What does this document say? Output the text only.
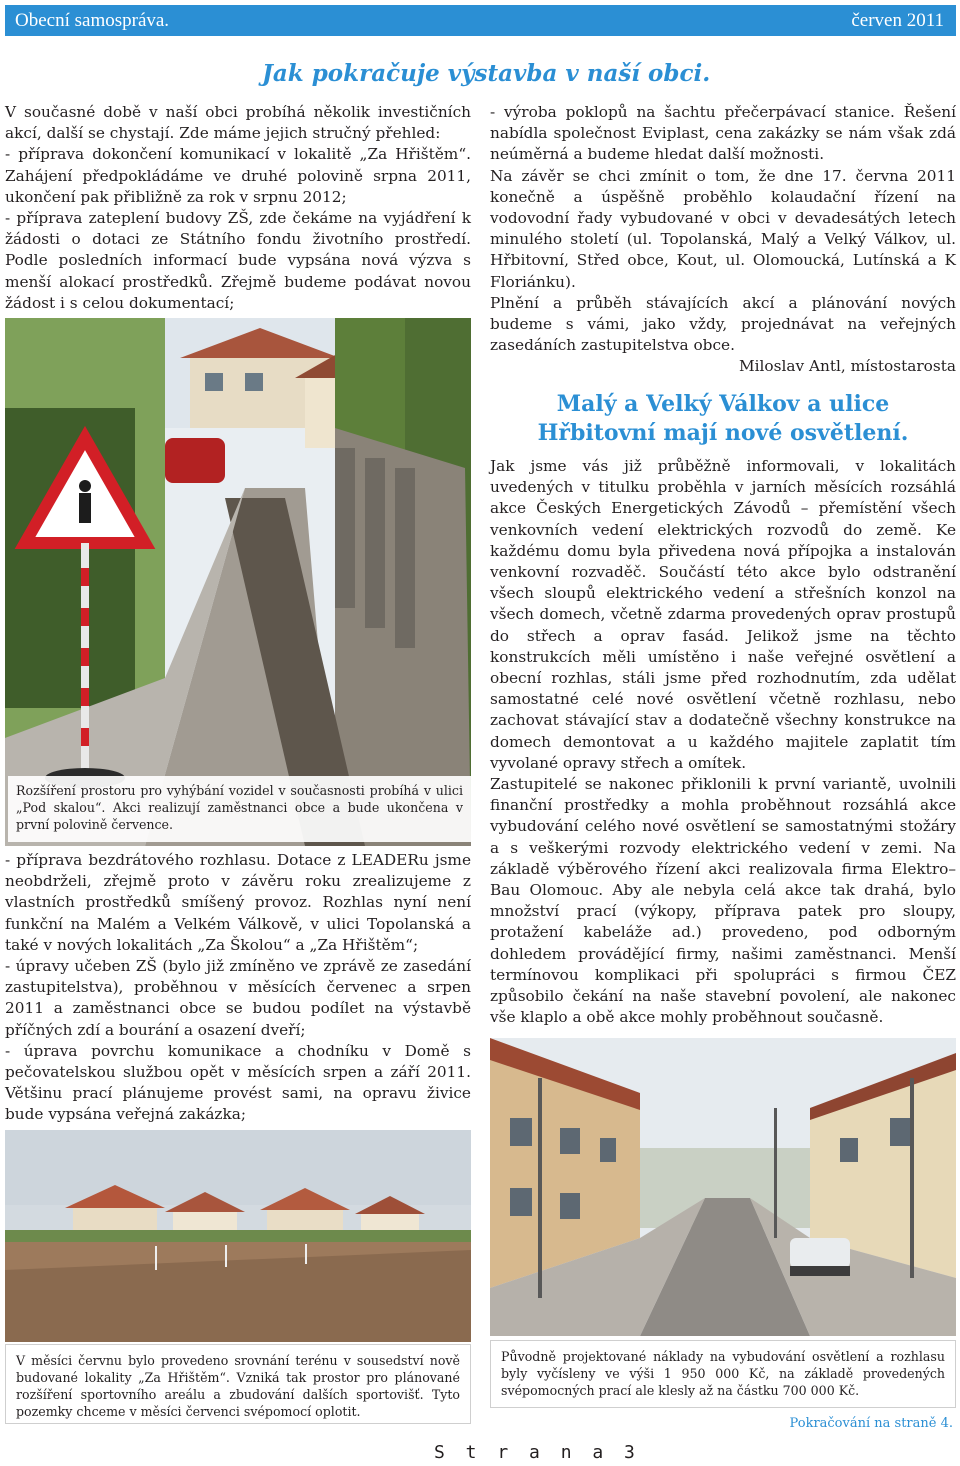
Obecní samospráva.	červen 2011
Jak pokračuje výstavba v naší obci.

V současné době v naší obci probíhá několik investičních akcí, další se chystají. Zde máme jejich stručný přehled:

- příprava dokončení komunikací v lokalitě „Za Hřištěm“. Zahájení předpokládáme ve druhé polovině srpna 2011, ukončení pak přibližně za rok v srpnu 2012;

- příprava zateplení budovy ZŠ, zde čekáme na vyjádření k žádosti o dotaci ze Státního fondu životního prostředí. Podle posledních informací bude vypsána nová výzva s menší alokací prostředků. Zřejmě budeme podávat novou žádost i s celou dokumentací;

Rozšíření prostoru pro vyhýbání vozidel v současnosti probíhá v ulici „Pod skalou“. Akci realizují zaměstnanci obce a bude ukončena v první polovině července.

- příprava bezdrátového rozhlasu. Dotace z LEADERu jsme neobdrželi, zřejmě proto v závěru roku zrealizujeme z vlastních prostředků smíšený provoz. Rozhlas nyní není funkční na Malém a Velkém Válkově, v ulici Topolanská a také v nových lokalitách „Za Školou“ a „Za Hřištěm“;

- úpravy učeben ZŠ (bylo již zmíněno ve zprávě ze zasedání zastupitelstva), proběhnou v měsících červenec a srpen 2011 a zaměstnanci obce se budou podílet na výstavbě příčných zdí a bourání a osazení dveří;

- úprava povrchu komunikace a chodníku v Domě s pečovatelskou službou opět v měsících srpen a září 2011. Většinu prací plánujeme provést sami, na opravu živice bude vypsána veřejná zakázka;

V měsíci červnu bylo provedeno srovnání terénu v sousedství nově budované lokality „Za Hřištěm“. Vzniká tak prostor pro plánované rozšíření sportovního areálu a zbudování dalších sportovišť. Tyto pozemky chceme v měsíci červenci svépomocí oplotit.

- výroba poklopů na šachtu přečerpávací stanice. Řešení nabídla společnost Eviplast, cena zakázky se nám však zdá neúměrná a budeme hledat další možnosti.

Na závěr se chci zmínit o tom, že dne 17. června 2011 konečně a úspěšně proběhlo kolaudační řízení na vodovodní řady vybudované v obci v devadesátých letech minulého století (ul. Topolanská, Malý a Velký Válkov, ul. Hřbitovní, Střed obce, Kout, ul. Olomoucká, Lutínská a K Floriánku).

Plnění a průběh stávajících akcí a plánování nových budeme s vámi, jako vždy, projednávat na veřejných zasedáních zastupitelstva obce.

Miloslav Antl, místostarosta

Malý a Velký Válkov a ulice
Hřbitovní mají nové osvětlení.

Jak jsme vás již průběžně informovali, v lokalitách uvedených v titulku proběhla v jarních měsících rozsáhlá akce Českých Energetických Závodů – přemístění všech venkovních vedení elektrických rozvodů do země. Ke každému domu byla přivedena nová přípojka a instalován venkovní rozvaděč. Součástí této akce bylo odstranění všech sloupů elektrického vedení a střešních konzol na všech domech, včetně zdarma provedených oprav prostupů do střech a oprav fasád. Jelikož jsme na těchto konstrukcích měli umístěno i naše veřejné osvětlení a obecní rozhlas, stáli jsme před rozhodnutím, zda udělat samostatné celé nové osvětlení včetně rozhlasu, nebo zachovat stávající stav a dodatečně všechny konstrukce na domech demontovat a u každého majitele zaplatit tím vyvolané opravy střech a omítek.

Zastupitelé se nakonec přiklonili k první variantě, uvolnili finanční prostředky a mohla proběhnout rozsáhlá akce vybudování celého nové osvětlení se samostatnými stožáry a s veškerými rozvody elektrického vedení v zemi. Na základě výběrového řízení akci realizovala firma Elektro– Bau Olomouc. Aby ale nebyla celá akce tak drahá, bylo množství prací (výkopy, příprava patek pro sloupy, protažení kabeláže ad.) provedeno, pod odborným dohledem provádějící firmy, našimi zaměstnanci. Menší termínovou komplikaci při spolupráci s firmou ČEZ způsobilo čekání na naše stavební povolení, ale nakonec vše klaplo a obě akce mohly proběhnout současně.

Původně projektované náklady na vybudování osvětlení a rozhlasu byly vyčísleny ve výši 1 950 000 Kč, na základě provedených svépomocných prací ale klesly až na částku 700 000 Kč.
Pokračování na straně 4.
S t r a n a 3
